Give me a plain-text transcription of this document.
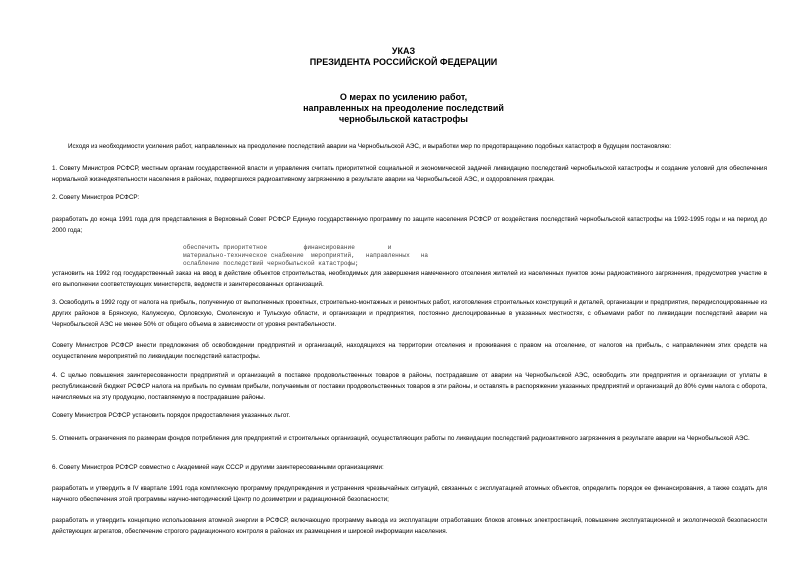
УКАЗ
ПРЕЗИДЕНТА РОССИЙСКОЙ ФЕДЕРАЦИИ
О мерах по усилению работ,
направленных на преодоление последствий
чернобыльской катастрофы
Исходя из необходимости усиления работ, направленных на преодоление последствий аварии на Чернобыльской АЭС, и выработки мер по предотвращению подобных катастроф в будущем постановляю:
1. Совету Министров РСФСР, местным органам государственной власти и управления считать приоритетной социальной и экономической задачей ликвидацию последствий чернобыльской катастрофы и создание условий для обеспечения нормальной жизнедеятельности населения в районах, подвергшихся радиоактивному загрязнению в результате аварии на Чернобыльской АЭС, и оздоровления граждан.
2. Совету Министров РСФСР:
разработать до конца 1991 года для представления в Верховный Совет РСФСР Единую государственную программу по защите населения РСФСР от воздействия последствий чернобыльской катастрофы на 1992-1995 годы и на период до 2000 года;
обеспечить приоритетное          финансирование         и
материально-техническое снабжение  мероприятий,   направленных   на
ослабление последствий чернобыльской катастрофы;
установить на 1992 год государственный заказ на ввод в действие объектов строительства, необходимых для завершения намеченного отселения жителей из населенных пунктов зоны радиоактивного загрязнения, предусмотрев участие в его выполнении соответствующих министерств, ведомств и заинтересованных организаций.
3. Освободить в 1992 году от налога на прибыль, полученную от выполненных проектных, строительно-монтажных и ремонтных работ, изготовления строительных конструкций и деталей, организации и предприятия, передислоцированные из других районов в Брянскую, Калужскую, Орловскую, Смоленскую и Тульскую области, и организации и предприятия, постоянно дислоцированные в указанных местностях, с объемами работ по ликвидации последствий аварии на Чернобыльской АЭС не менее 50% от общего объема в зависимости от уровня рентабельности.
Совету Министров РСФСР внести предложения об освобождении предприятий и организаций, находящихся на территории отселения и проживания с правом на отселение, от налогов на прибыль, с направлением этих средств на осуществление мероприятий по ликвидации последствий катастрофы.
4. С целью повышения заинтересованности предприятий и организаций в поставке продовольственных товаров в районы, пострадавшие от аварии на Чернобыльской АЭС, освободить эти предприятия и организации от уплаты в республиканский бюджет РСФСР налога на прибыль по суммам прибыли, получаемым от поставки продовольственных товаров в эти районы, и оставлять в распоряжении указанных предприятий и организаций до 80% сумм налога с оборота, начисляемых на эту продукцию, поставляемую в пострадавшие районы.
Совету Министров РСФСР установить порядок предоставления указанных льгот.
5. Отменить ограничения по размерам фондов потребления для предприятий и строительных организаций, осуществляющих работы по ликвидации последствий радиоактивного загрязнения в результате аварии на Чернобыльской АЭС.
6. Совету Министров РСФСР совместно с Академией наук СССР и другими заинтересованными организациями:
разработать и утвердить в IV квартале 1991 года комплексную программу предупреждения и устранения чрезвычайных ситуаций, связанных с эксплуатацией атомных объектов, определить порядок ее финансирования, а также создать для научного обеспечения этой программы научно-методический Центр по дозиметрии и радиационной безопасности;
разработать и утвердить концепцию использования атомной энергии в РСФСР, включающую программу вывода из эксплуатации отработавших блоков атомных электростанций, повышение эксплуатационной и экологической безопасности действующих агрегатов, обеспечение строгого радиационного контроля в районах их размещения и широкой информации населения.
